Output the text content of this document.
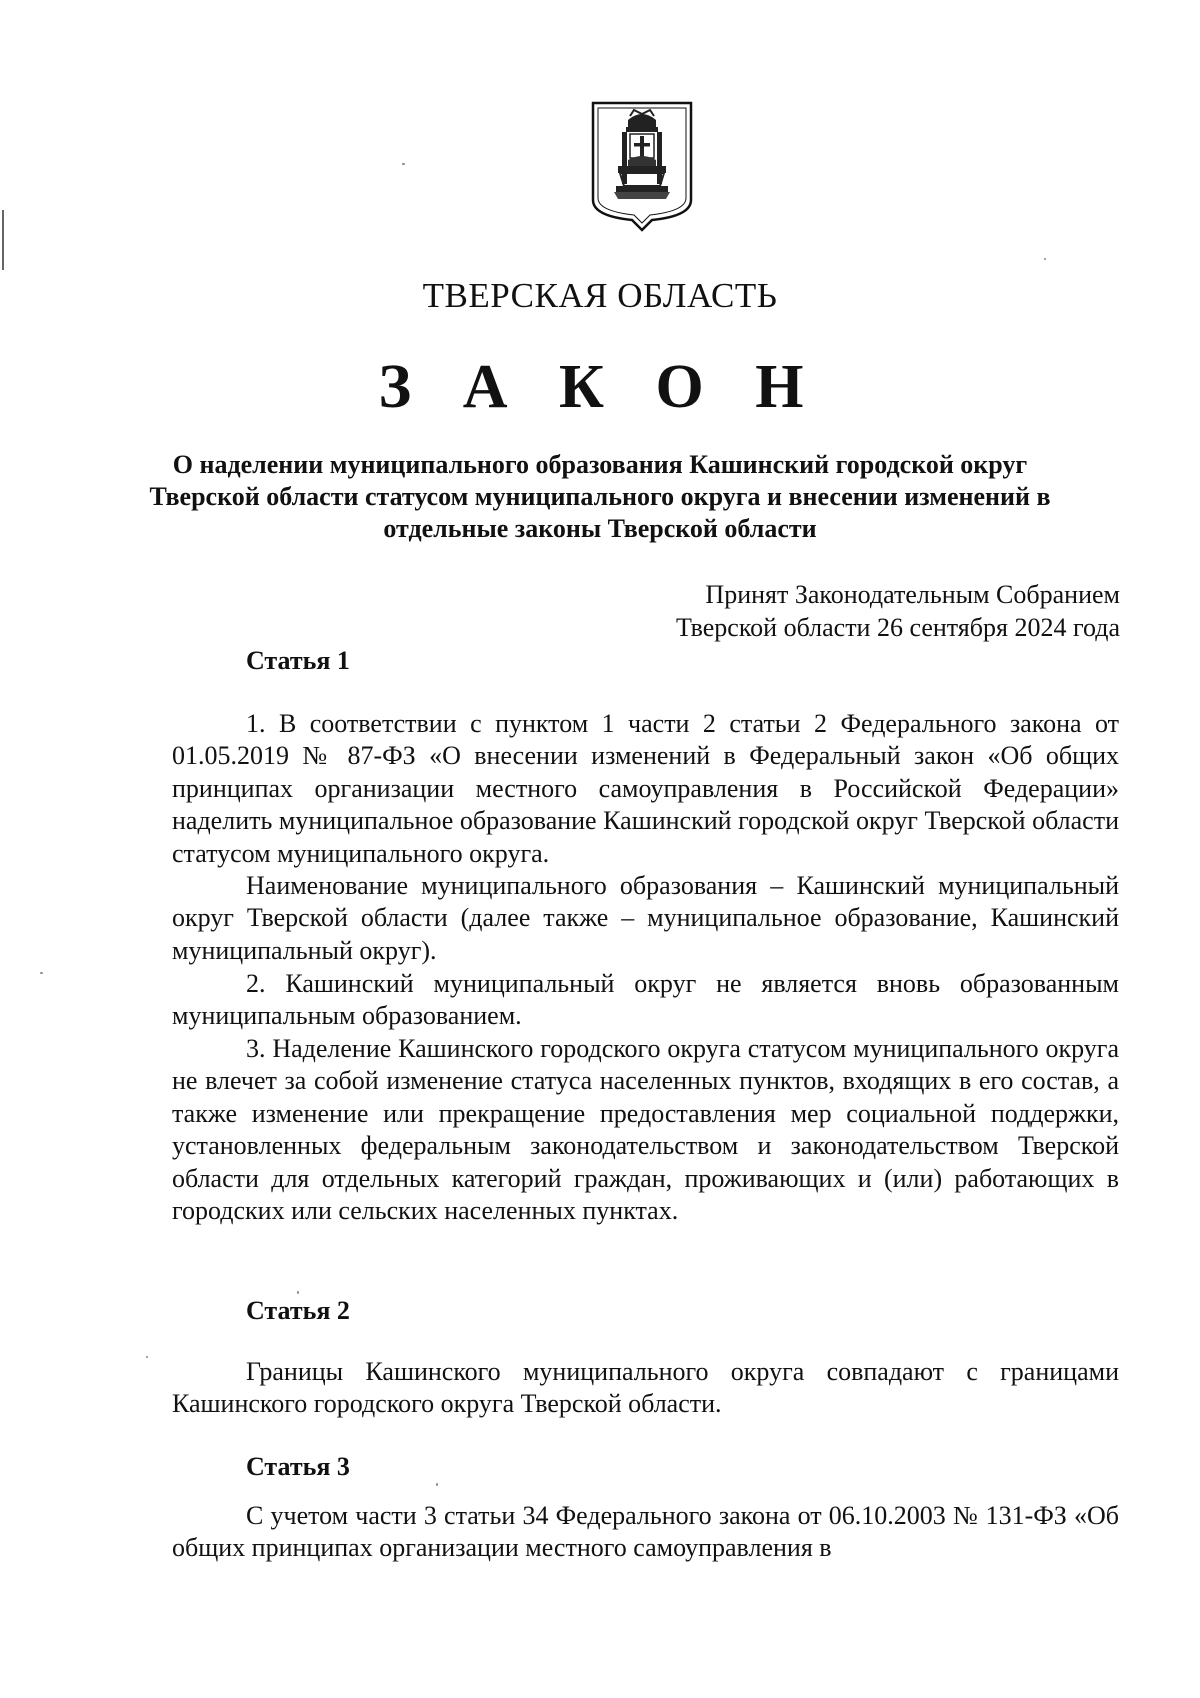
ТВЕРСКАЯ ОБЛАСТЬ
З А К О Н
О наделении муниципального образования Кашинский городской округ Тверской области статусом муниципального округа и внесении изменений в отдельные законы Тверской области
Принят Законодательным Собранием
Тверской области 26 сентября 2024 года
Статья 1

1. В соответствии с пунктом 1 части 2 статьи 2 Федерального закона от 01.05.2019 № 87-ФЗ «О внесении изменений в Федеральный закон «Об общих принципах организации местного самоуправления в Российской Федерации» наделить муниципальное образование Кашинский городской округ Тверской области статусом муниципального округа.

Наименование муниципального образования – Кашинский муниципальный округ Тверской области (далее также – муниципальное образование, Кашинский муниципальный округ).

2. Кашинский муниципальный округ не является вновь образованным муниципальным образованием.

3. Наделение Кашинского городского округа статусом муниципального округа не влечет за собой изменение статуса населенных пунктов, входящих в его состав, а также изменение или прекращение предоставления мер социальной поддержки, установленных федеральным законодательством и законодательством Тверской области для отдельных категорий граждан, проживающих и (или) работающих в городских или сельских населенных пунктах.

Статья 2

Границы Кашинского муниципального округа совпадают с границами Кашинского городского округа Тверской области.

Статья 3

С учетом части 3 статьи 34 Федерального закона от 06.10.2003 № 131-ФЗ «Об общих принципах организации местного самоуправления в
